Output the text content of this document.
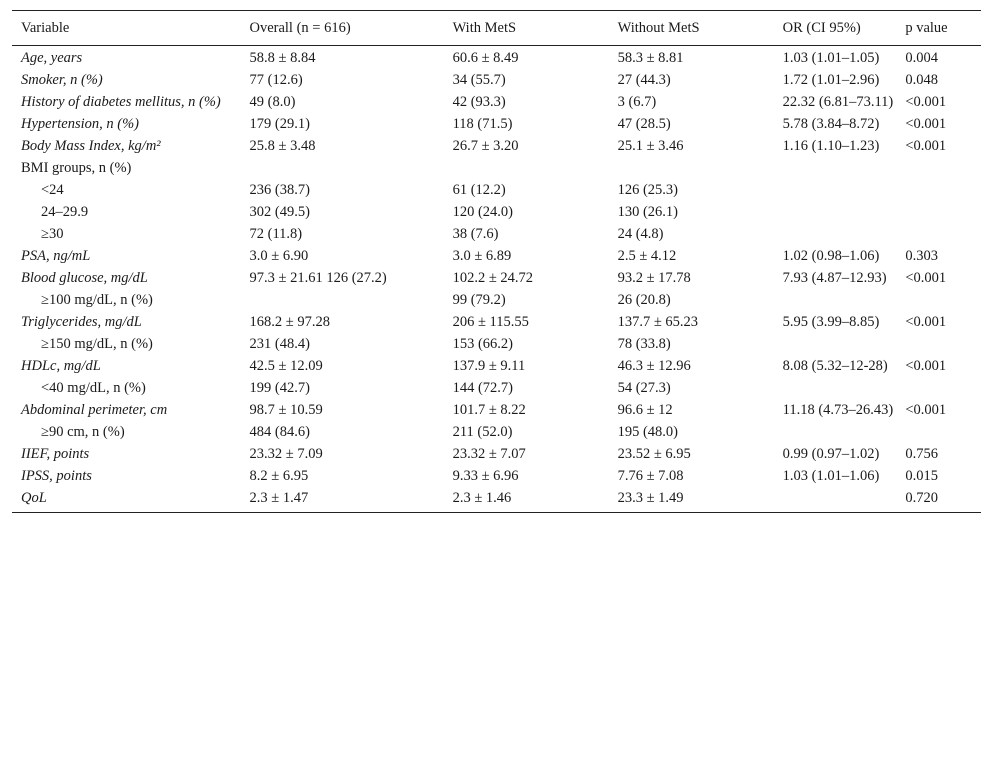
Variable	Overall (n = 616)	With MetS	Without MetS	OR (CI 95%)	p value
Age, years	58.8 ± 8.84	60.6 ± 8.49	58.3 ± 8.81	1.03 (1.01–1.05)	0.004
Smoker, n (%)	77 (12.6)	34 (55.7)	27 (44.3)	1.72 (1.01–2.96)	0.048
History of diabetes mellitus, n (%)	49 (8.0)	42 (93.3)	3 (6.7)	22.32 (6.81–73.11)	<0.001
Hypertension, n (%)	179 (29.1)	118 (71.5)	47 (28.5)	5.78 (3.84–8.72)	<0.001
Body Mass Index, kg/m²	25.8 ± 3.48	26.7 ± 3.20	25.1 ± 3.46	1.16 (1.10–1.23)	<0.001
BMI groups, n (%)					
<24	236 (38.7)	61 (12.2)	126 (25.3)		
24–29.9	302 (49.5)	120 (24.0)	130 (26.1)		
≥30	72 (11.8)	38 (7.6)	24 (4.8)		
PSA, ng/mL	3.0 ± 6.90	3.0 ± 6.89	2.5 ± 4.12	1.02 (0.98–1.06)	0.303
Blood glucose, mg/dL	97.3 ± 21.61 126 (27.2)	102.2 ± 24.72	93.2 ± 17.78	7.93 (4.87–12.93)	<0.001
≥100 mg/dL, n (%)		99 (79.2)	26 (20.8)		
Triglycerides, mg/dL	168.2 ± 97.28	206 ± 115.55	137.7 ± 65.23	5.95 (3.99–8.85)	<0.001
≥150 mg/dL, n (%)	231 (48.4)	153 (66.2)	78 (33.8)		
HDLc, mg/dL	42.5 ± 12.09	137.9 ± 9.11	46.3 ± 12.96	8.08 (5.32–12-28)	<0.001
<40 mg/dL, n (%)	199 (42.7)	144 (72.7)	54 (27.3)		
Abdominal perimeter, cm	98.7 ± 10.59	101.7 ± 8.22	96.6 ± 12	11.18 (4.73–26.43)	<0.001
≥90 cm, n (%)	484 (84.6)	211 (52.0)	195 (48.0)		
IIEF, points	23.32 ± 7.09	23.32 ± 7.07	23.52 ± 6.95	0.99 (0.97–1.02)	0.756
IPSS, points	8.2 ± 6.95	9.33 ± 6.96	7.76 ± 7.08	1.03 (1.01–1.06)	0.015
QoL	2.3 ± 1.47	2.3 ± 1.46	23.3 ± 1.49		0.720
